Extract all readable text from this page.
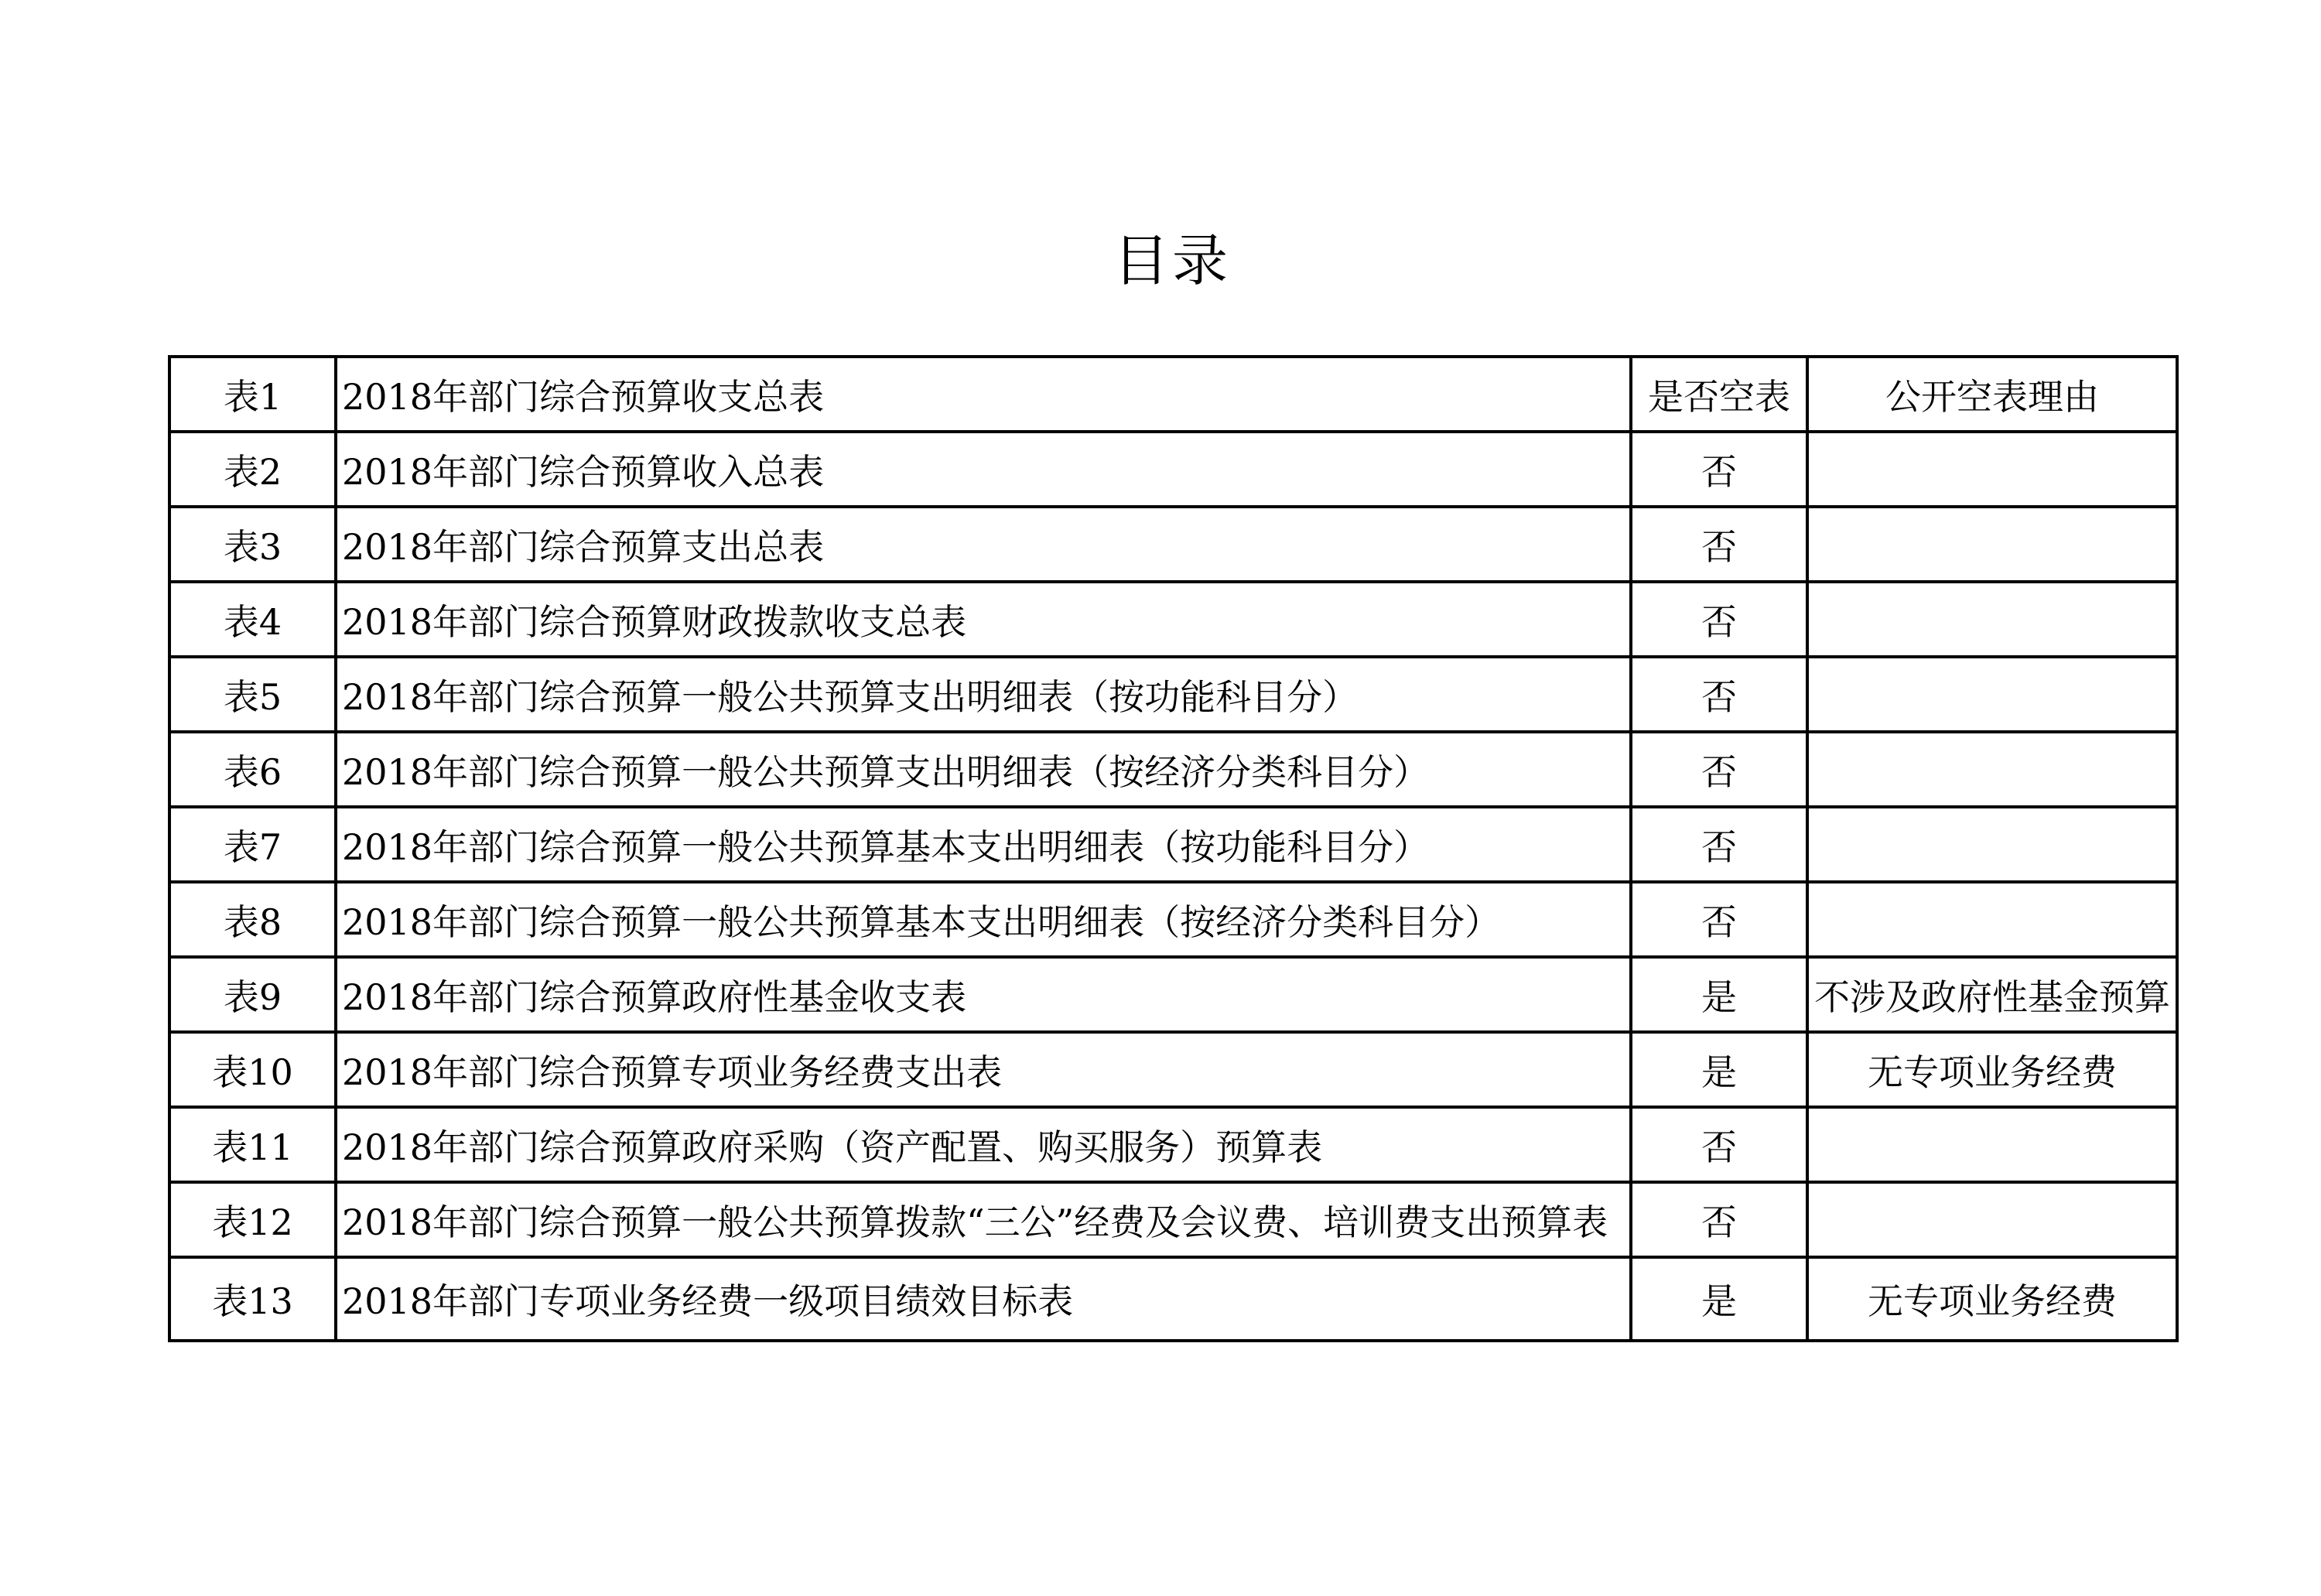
目录
表1	2018年部门综合预算收支总表	是否空表	公开空表理由
表2	2018年部门综合预算收入总表	否	
表3	2018年部门综合预算支出总表	否	
表4	2018年部门综合预算财政拨款收支总表	否	
表5	2018年部门综合预算一般公共预算支出明细表（按功能科目分）	否	
表6	2018年部门综合预算一般公共预算支出明细表（按经济分类科目分）	否	
表7	2018年部门综合预算一般公共预算基本支出明细表（按功能科目分）	否	
表8	2018年部门综合预算一般公共预算基本支出明细表（按经济分类科目分）	否	
表9	2018年部门综合预算政府性基金收支表	是	不涉及政府性基金预算
表10	2018年部门综合预算专项业务经费支出表	是	无专项业务经费
表11	2018年部门综合预算政府采购（资产配置、购买服务）预算表	否	
表12	2018年部门综合预算一般公共预算拨款“三公”经费及会议费、培训费支出预算表	否	
表13	2018年部门专项业务经费一级项目绩效目标表	是	无专项业务经费
